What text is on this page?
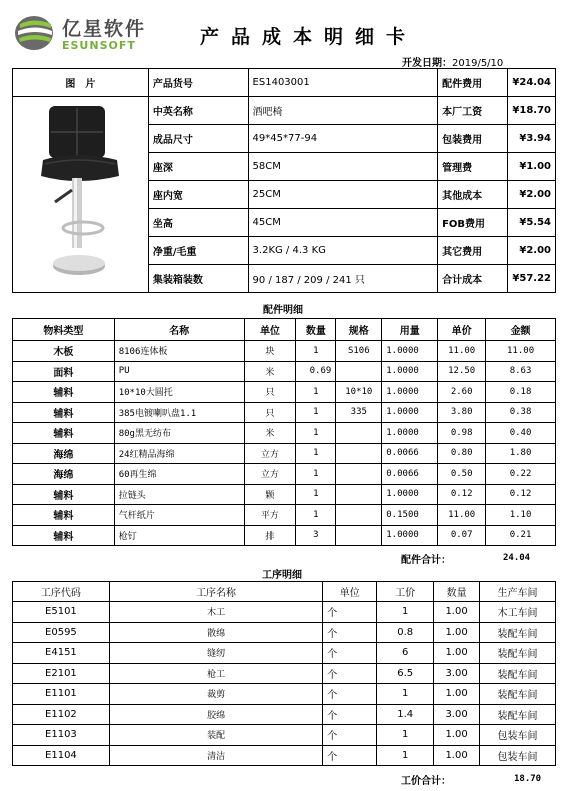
亿星软件
ESUNSOFT	产品成本明细卡
开发日期：2019/5/10
图　片	产品货号	ES1403001	配件费用	¥24.04
	中英名称	酒吧椅	本厂工资	¥18.70
	成品尺寸	49*45*77-94	包装费用	¥3.94
	座深	58CM	管理费	¥1.00
	座内宽	25CM	其他成本	¥2.00
	坐高	45CM	FOB费用	¥5.54
	净重/毛重	3.2KG / 4.3 KG	其它费用	¥2.00
	集装箱装数	90 / 187 / 209 / 241 只	合计成本	¥57.22
配件明细
物料类型	名称	单位	数量	规格	用量	单价	金额
木板	8106连体板	块	1	S106	1.0000	11.00	11.00
面料	PU	米	0.69		1.0000	12.50	8.63
辅料	10*10大圆托	只	1	10*10	1.0000	2.60	0.18
辅料	385电镀喇叭盘1.1	只	1	335	1.0000	3.80	0.38
辅料	80g黑无纺布	米	1		1.0000	0.98	0.40
海绵	24红精品海绵	立方	1		0.0066	0.80	1.80
海绵	60再生绵	立方	1		0.0066	0.50	0.22
辅料	拉链头	颗	1		1.0000	0.12	0.12
辅料	气杆纸片	平方	1		0.1500	11.00	1.10
辅料	枪钉	排	3		1.0000	0.07	0.21
配件合计：	24.04
工序明细
工序代码	工序名称	单位	工价	数量	生产车间
E5101	木工	个	1	1.00	木工车间
E0595	散绵	个	0.8	1.00	装配车间
E4151	缝纫	个	6	1.00	装配车间
E2101	枪工	个	6.5	3.00	装配车间
E1101	裁剪	个	1	1.00	装配车间
E1102	胶绵	个	1.4	3.00	装配车间
E1103	装配	个	1	1.00	包装车间
E1104	清洁	个	1	1.00	包装车间
工价合计：	18.70
